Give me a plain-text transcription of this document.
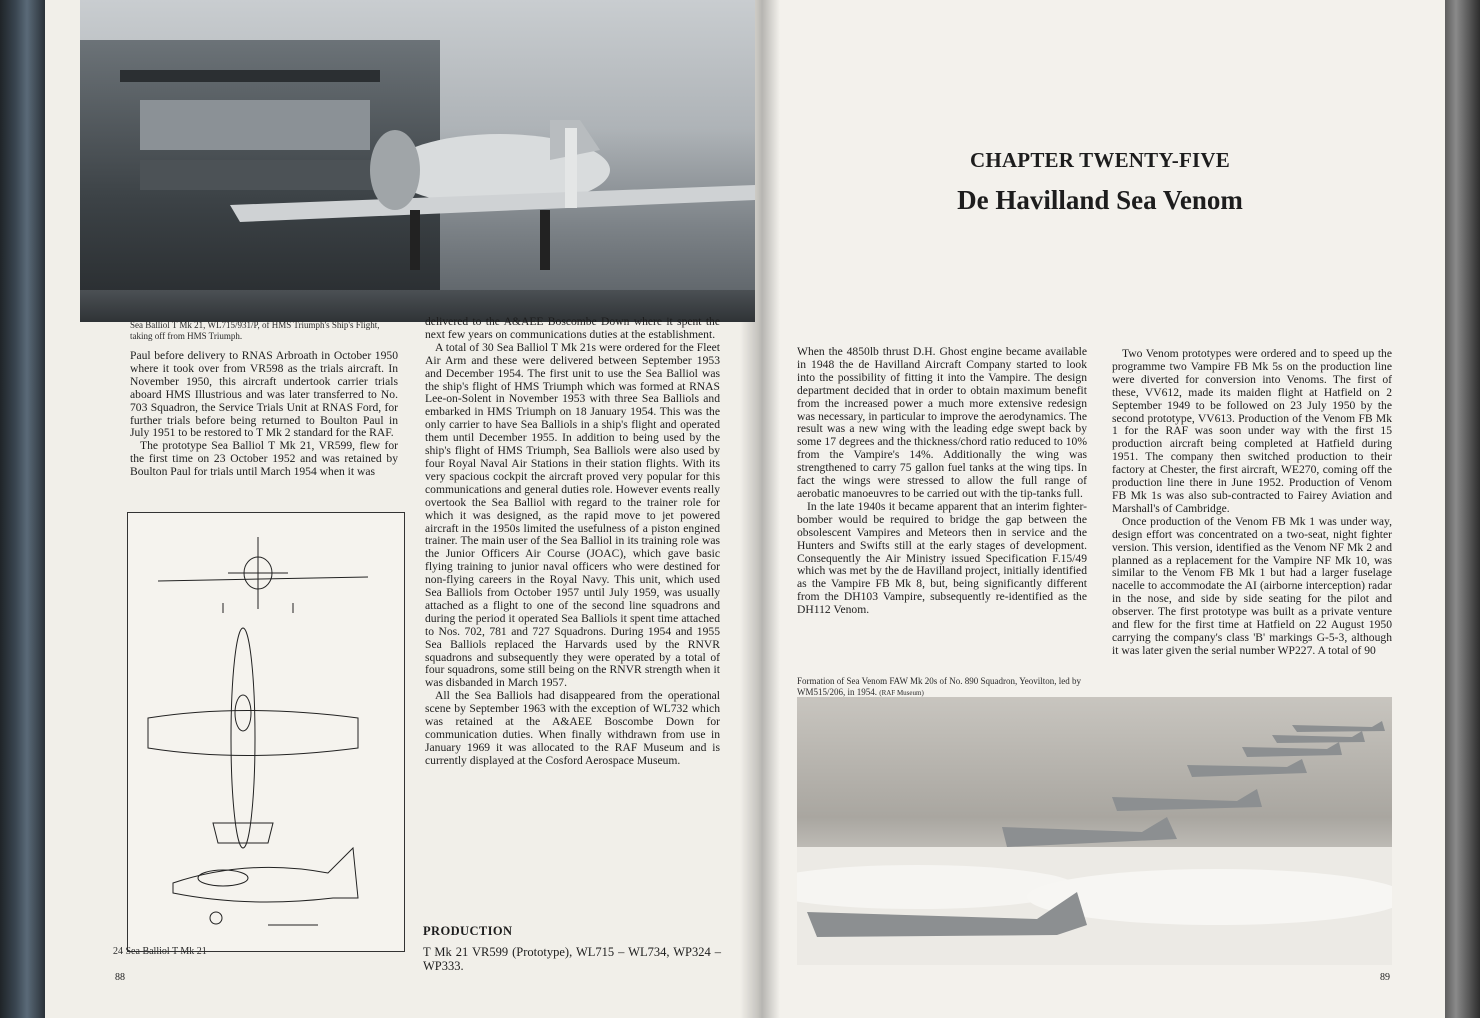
Sea Balliol T Mk 21, WL715/931/P, of HMS Triumph's Ship's Flight, taking off from HMS Triumph.

Paul before delivery to RNAS Arbroath in October 1950 where it took over from VR598 as the trials aircraft. In November 1950, this aircraft undertook carrier trials aboard HMS Illustrious and was later transferred to No. 703 Squadron, the Service Trials Unit at RNAS Ford, for further trials before being returned to Boulton Paul in July 1951 to be restored to T Mk 2 standard for the RAF.

The prototype Sea Balliol T Mk 21, VR599, flew for the first time on 23 October 1952 and was retained by Boulton Paul for trials until March 1954 when it was

24 Sea Balliol T Mk 21
88

delivered to the A&AEE Boscombe Down where it spent the next few years on communications duties at the establishment.

A total of 30 Sea Balliol T Mk 21s were ordered for the Fleet Air Arm and these were delivered between September 1953 and December 1954. The first unit to use the Sea Balliol was the ship's flight of HMS Triumph which was formed at RNAS Lee-on-Solent in November 1953 with three Sea Balliols and embarked in HMS Triumph on 18 January 1954. This was the only carrier to have Sea Balliols in a ship's flight and operated them until December 1955. In addition to being used by the ship's flight of HMS Triumph, Sea Balliols were also used by four Royal Naval Air Stations in their station flights. With its very spacious cockpit the aircraft proved very popular for this communications and general duties role. However events really overtook the Sea Balliol with regard to the trainer role for which it was designed, as the rapid move to jet powered aircraft in the 1950s limited the usefulness of a piston engined trainer. The main user of the Sea Balliol in its training role was the Junior Officers Air Course (JOAC), which gave basic flying training to junior naval officers who were destined for non-flying careers in the Royal Navy. This unit, which used Sea Balliols from October 1957 until July 1959, was usually attached as a flight to one of the second line squadrons and during the period it operated Sea Balliols it spent time attached to Nos. 702, 781 and 727 Squadrons. During 1954 and 1955 Sea Balliols replaced the Harvards used by the RNVR squadrons and subsequently they were operated by a total of four squadrons, some still being on the RNVR strength when it was disbanded in March 1957.

All the Sea Balliols had disappeared from the operational scene by September 1963 with the exception of WL732 which was retained at the A&AEE Boscombe Down for communication duties. When finally withdrawn from use in January 1969 it was allocated to the RAF Museum and is currently displayed at the Cosford Aerospace Museum.

PRODUCTION
T Mk 21 VR599 (Prototype), WL715 – WL734, WP324 – WP333.
CHAPTER TWENTY-FIVE
De Havilland Sea Venom

When the 4850lb thrust D.H. Ghost engine became available in 1948 the de Havilland Aircraft Company started to look into the possibility of fitting it into the Vampire. The design department decided that in order to obtain maximum benefit from the increased power a much more extensive redesign was necessary, in particular to improve the aerodynamics. The result was a new wing with the leading edge swept back by some 17 degrees and the thickness/chord ratio reduced to 10% from the Vampire's 14%. Additionally the wing was strengthened to carry 75 gallon fuel tanks at the wing tips. In fact the wings were stressed to allow the full range of aerobatic manoeuvres to be carried out with the tip-tanks full.

In the late 1940s it became apparent that an interim fighter-bomber would be required to bridge the gap between the obsolescent Vampires and Meteors then in service and the Hunters and Swifts still at the early stages of development. Consequently the Air Ministry issued Specification F.15/49 which was met by the de Havilland project, initially identified as the Vampire FB Mk 8, but, being significantly different from the DH103 Vampire, subsequently re-identified as the DH112 Venom.

Formation of Sea Venom FAW Mk 20s of No. 890 Squadron, Yeovilton, led by WM515/206, in 1954. (RAF Museum)

Two Venom prototypes were ordered and to speed up the programme two Vampire FB Mk 5s on the production line were diverted for conversion into Venoms. The first of these, VV612, made its maiden flight at Hatfield on 2 September 1949 to be followed on 23 July 1950 by the second prototype, VV613. Production of the Venom FB Mk 1 for the RAF was soon under way with the first 15 production aircraft being completed at Hatfield during 1951. The company then switched production to their factory at Chester, the first aircraft, WE270, coming off the production line there in June 1952. Production of Venom FB Mk 1s was also sub-contracted to Fairey Aviation and Marshall's of Cambridge.

Once production of the Venom FB Mk 1 was under way, design effort was concentrated on a two-seat, night fighter version. This version, identified as the Venom NF Mk 2 and planned as a replacement for the Vampire NF Mk 10, was similar to the Venom FB Mk 1 but had a larger fuselage nacelle to accommodate the AI (airborne interception) radar in the nose, and side by side seating for the pilot and observer. The first prototype was built as a private venture and flew for the first time at Hatfield on 22 August 1950 carrying the company's class 'B' markings G-5-3, although it was later given the serial number WP227. A total of 90

89
